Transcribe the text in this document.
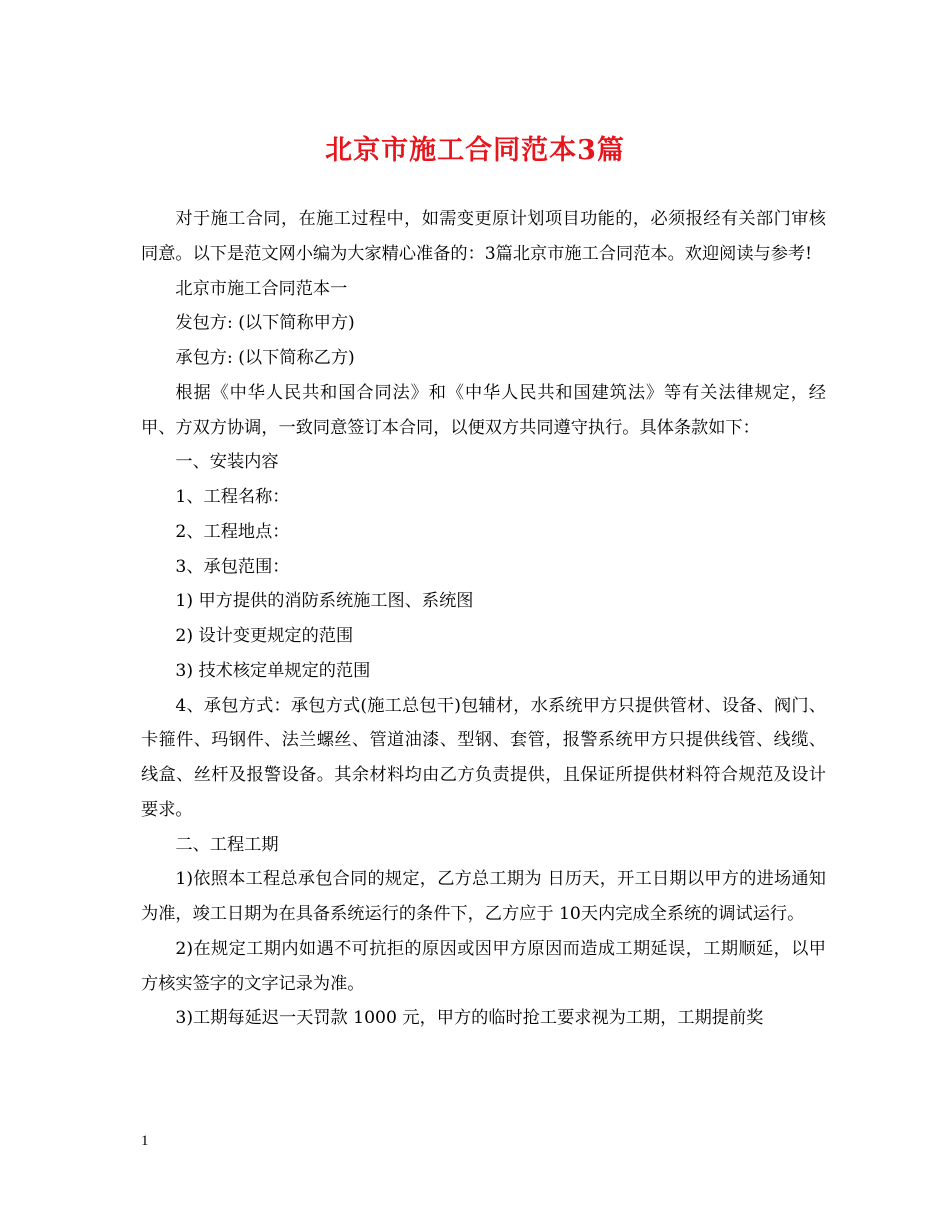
北京市施工合同范本3篇

对于施工合同，在施工过程中，如需变更原计划项目功能的，必须报经有关部门审核同意。以下是范文网小编为大家精心准备的：3篇北京市施工合同范本。欢迎阅读与参考!

北京市施工合同范本一

发包方: (以下简称甲方)

承包方: (以下简称乙方)

根据《中华人民共和国合同法》和《中华人民共和国建筑法》等有关法律规定，经甲、方双方协调，一致同意签订本合同，以便双方共同遵守执行。具体条款如下：

一、安装内容

1、工程名称：

2、工程地点：

3、承包范围：

1) 甲方提供的消防系统施工图、系统图

2) 设计变更规定的范围

3) 技术核定单规定的范围

4、承包方式：承包方式(施工总包干)包辅材，水系统甲方只提供管材、设备、阀门、卡箍件、玛钢件、法兰螺丝、管道油漆、型钢、套管，报警系统甲方只提供线管、线缆、线盒、丝杆及报警设备。其余材料均由乙方负责提供，且保证所提供材料符合规范及设计要求。

二、工程工期

1)依照本工程总承包合同的规定，乙方总工期为 日历天，开工日期以甲方的进场通知为准，竣工日期为在具备系统运行的条件下，乙方应于 10天内完成全系统的调试运行。

2)在规定工期内如遇不可抗拒的原因或因甲方原因而造成工期延误，工期顺延，以甲方核实签字的文字记录为准。

3)工期每延迟一天罚款 1000 元，甲方的临时抢工要求视为工期，工期提前奖

1
